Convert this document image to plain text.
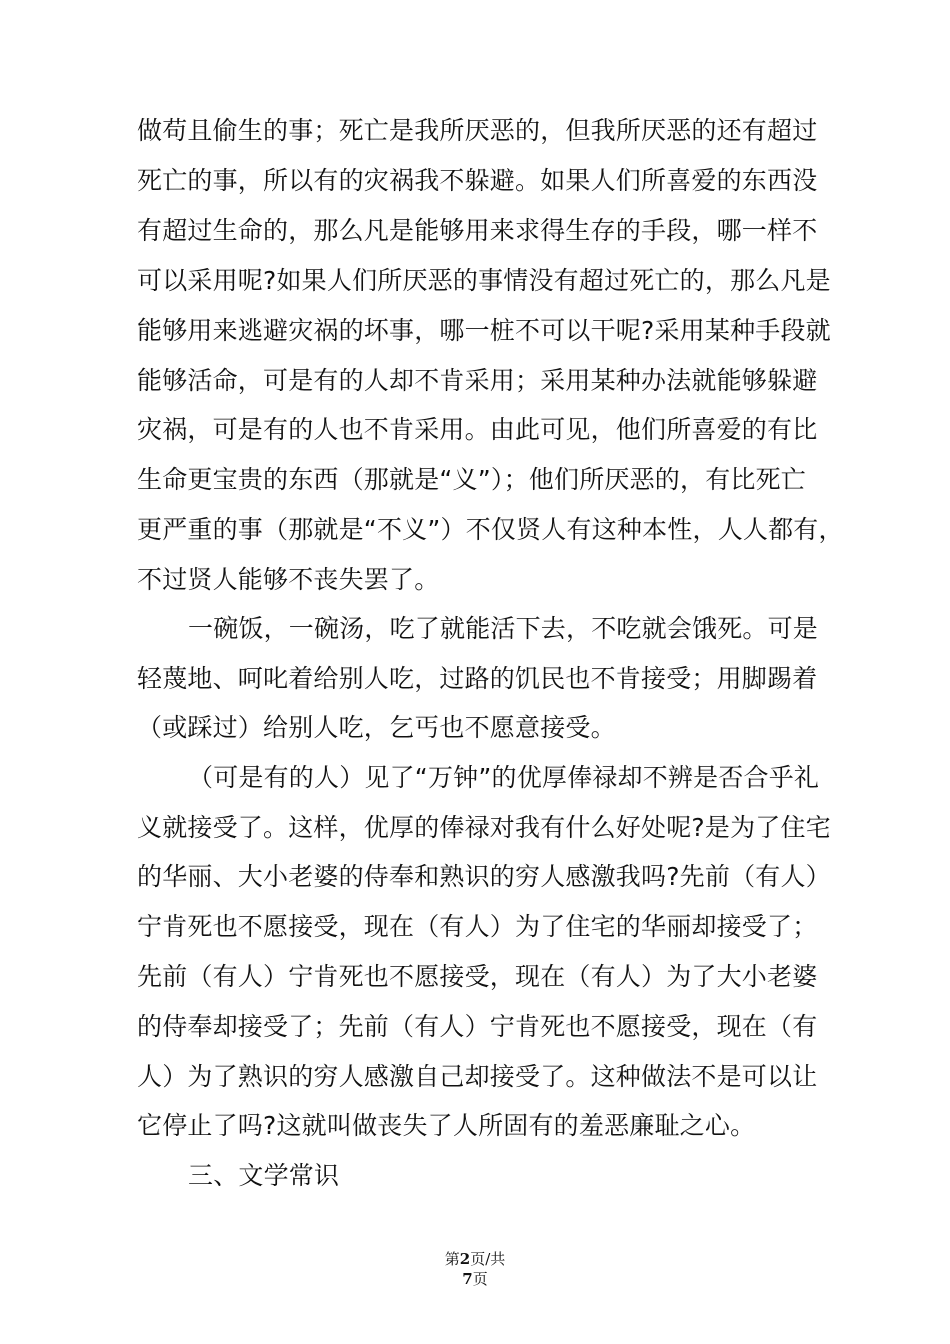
做苟且偷生的事；死亡是我所厌恶的，但我所厌恶的还有超过
死亡的事，所以有的灾祸我不躲避。如果人们所喜爱的东西没
有超过生命的，那么凡是能够用来求得生存的手段，哪一样不
可以采用呢?如果人们所厌恶的事情没有超过死亡的，那么凡是
能够用来逃避灾祸的坏事，哪一桩不可以干呢?采用某种手段就
能够活命，可是有的人却不肯采用；采用某种办法就能够躲避
灾祸，可是有的人也不肯采用。由此可见，他们所喜爱的有比
生命更宝贵的东西（那就是“义”）；他们所厌恶的，有比死亡
更严重的事（那就是“不义”）不仅贤人有这种本性，人人都有，
不过贤人能够不丧失罢了。
一碗饭，一碗汤，吃了就能活下去，不吃就会饿死。可是
轻蔑地、呵叱着给别人吃，过路的饥民也不肯接受；用脚踢着
（或踩过）给别人吃，乞丐也不愿意接受。
（可是有的人）见了“万钟”的优厚俸禄却不辨是否合乎礼
义就接受了。这样，优厚的俸禄对我有什么好处呢?是为了住宅
的华丽、大小老婆的侍奉和熟识的穷人感激我吗?先前（有人）
宁肯死也不愿接受，现在（有人）为了住宅的华丽却接受了；
先前（有人）宁肯死也不愿接受，现在（有人）为了大小老婆
的侍奉却接受了；先前（有人）宁肯死也不愿接受，现在（有
人）为了熟识的穷人感激自己却接受了。这种做法不是可以让
它停止了吗?这就叫做丧失了人所固有的羞恶廉耻之心。
三、文学常识
第2页/共
7页
